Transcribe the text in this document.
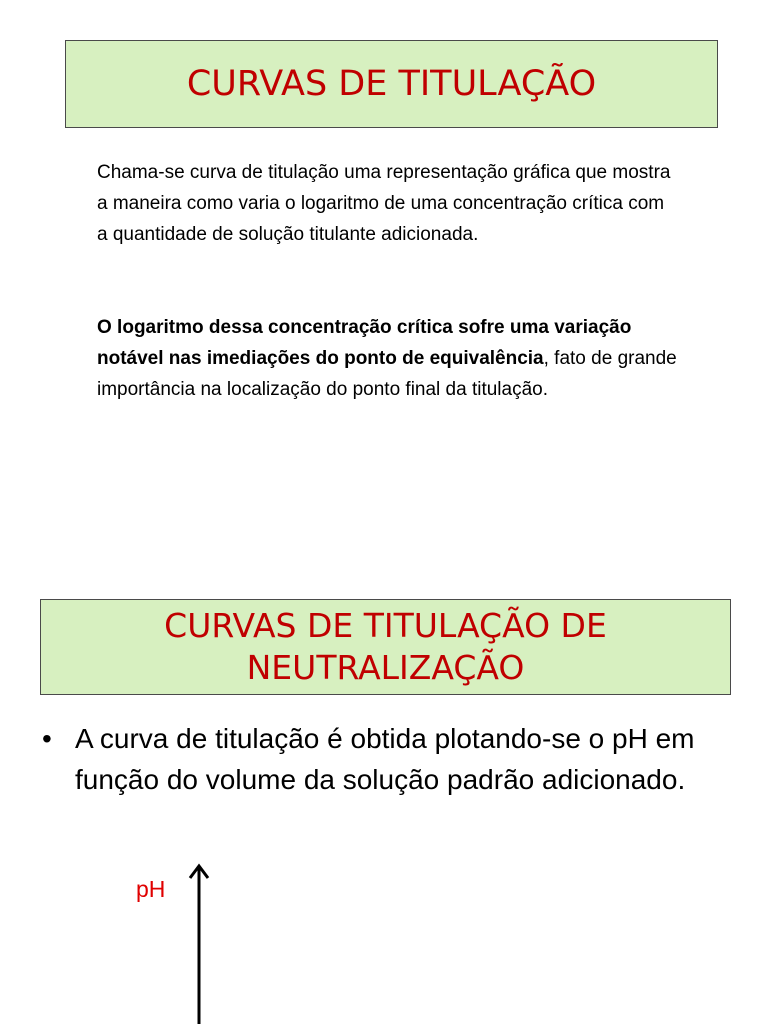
CURVAS DE TITULAÇÃO
Chama-se curva de titulação uma representação gráfica que mostra a maneira como varia o logaritmo de uma concentração crítica com a quantidade de solução titulante adicionada.
O logaritmo dessa concentração crítica sofre uma variação notável nas imediações do ponto de equivalência, fato de grande importância na localização do ponto final da titulação.
CURVAS DE TITULAÇÃO DE
NEUTRALIZAÇÃO
• A curva de titulação é obtida plotando-se o pH em função do volume da solução padrão adicionado.
pH
